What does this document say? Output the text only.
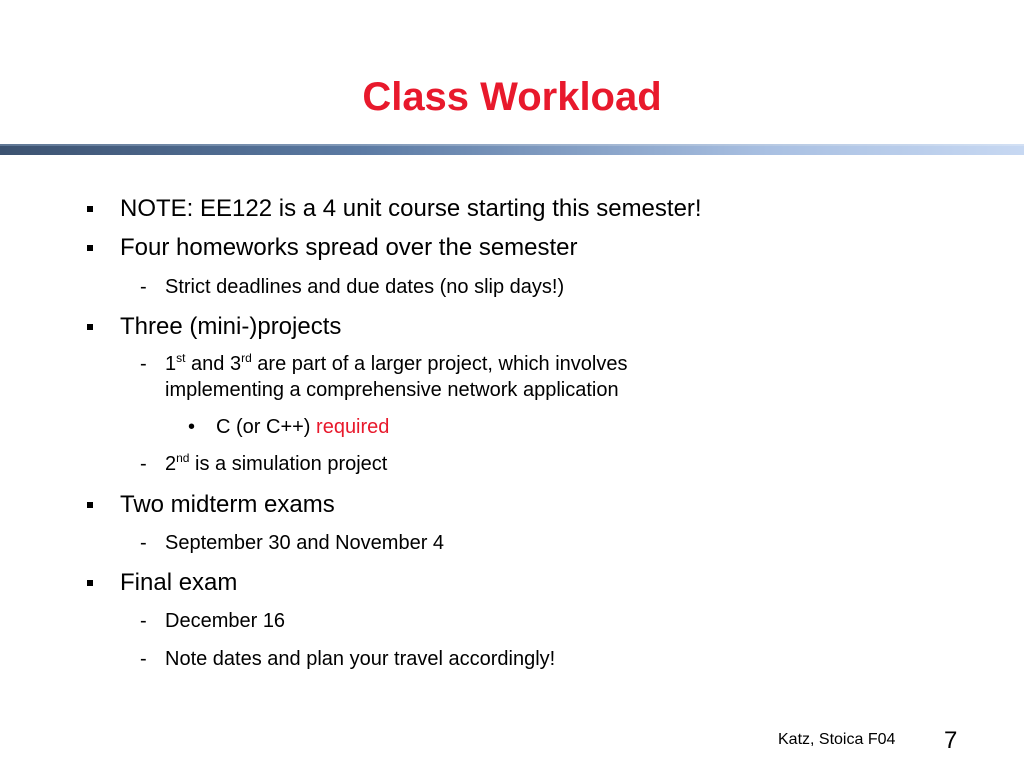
Class Workload
NOTE: EE122 is a 4 unit course starting this semester!
Four homeworks spread over the semester
- Strict deadlines and due dates (no slip days!)
Three (mini-)projects
- 1st and 3rd are part of a larger project, which involves
implementing a comprehensive network application
• C (or C++) required
- 2nd is a simulation project
Two midterm exams
- September 30 and November 4
Final exam
- December 16
- Note dates and plan your travel accordingly!
Katz, Stoica F04 7
